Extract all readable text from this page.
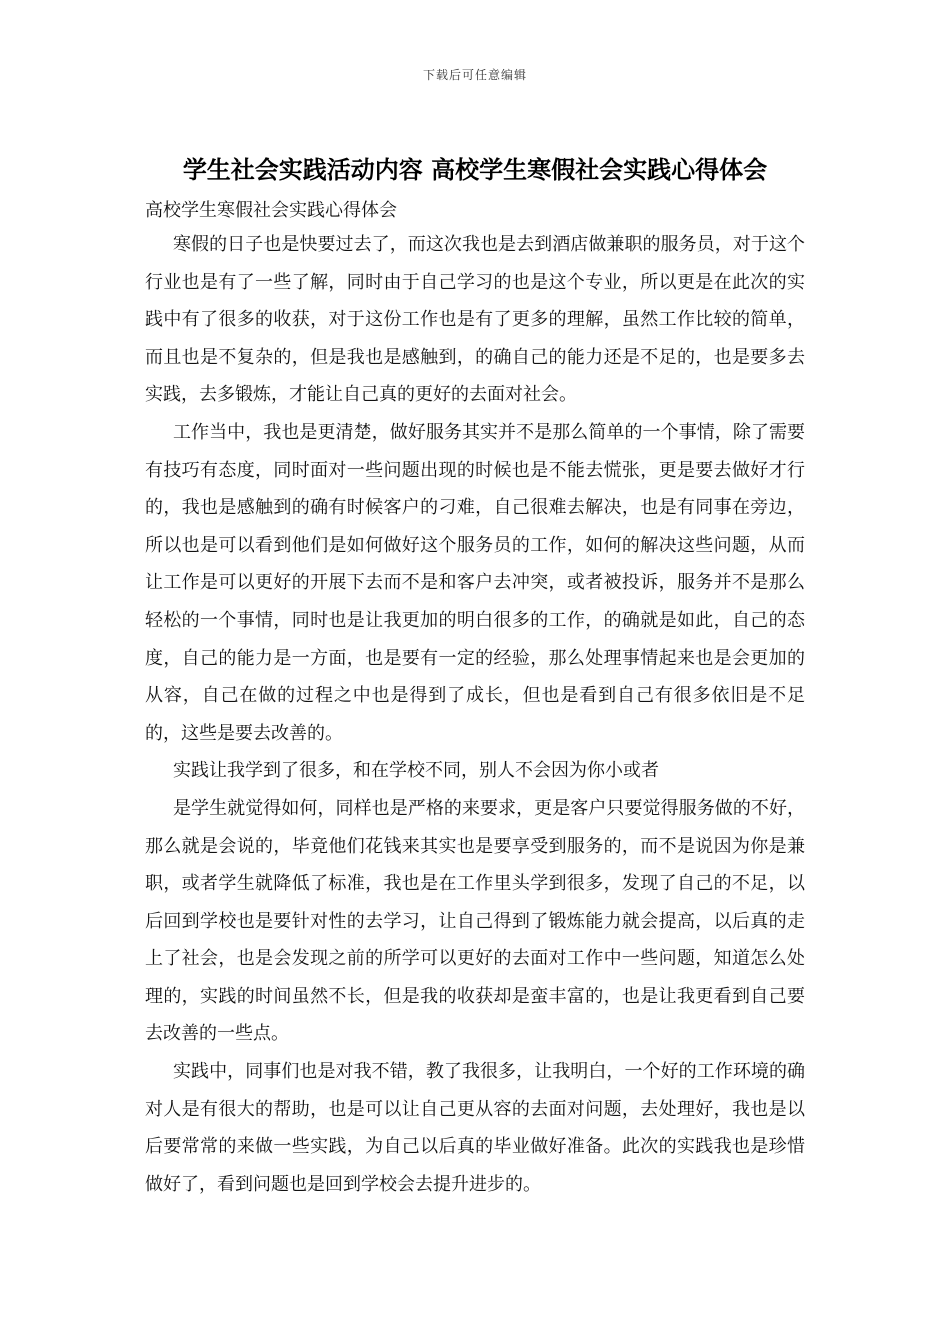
下载后可任意编辑
学生社会实践活动内容 高校学生寒假社会实践心得体会

高校学生寒假社会实践心得体会

寒假的日子也是快要过去了，而这次我也是去到酒店做兼职的服务员，对于这个行业也是有了一些了解，同时由于自己学习的也是这个专业，所以更是在此次的实践中有了很多的收获，对于这份工作也是有了更多的理解，虽然工作比较的简单，而且也是不复杂的，但是我也是感触到，的确自己的能力还是不足的，也是要多去实践，去多锻炼，才能让自己真的更好的去面对社会。

工作当中，我也是更清楚，做好服务其实并不是那么简单的一个事情，除了需要有技巧有态度，同时面对一些问题出现的时候也是不能去慌张，更是要去做好才行的，我也是感触到的确有时候客户的刁难，自己很难去解决，也是有同事在旁边，所以也是可以看到他们是如何做好这个服务员的工作，如何的解决这些问题，从而让工作是可以更好的开展下去而不是和客户去冲突，或者被投诉，服务并不是那么轻松的一个事情，同时也是让我更加的明白很多的工作，的确就是如此，自己的态度，自己的能力是一方面，也是要有一定的经验，那么处理事情起来也是会更加的从容，自己在做的过程之中也是得到了成长，但也是看到自己有很多依旧是不足的，这些是要去改善的。

实践让我学到了很多，和在学校不同，别人不会因为你小或者

是学生就觉得如何，同样也是严格的来要求，更是客户只要觉得服务做的不好，那么就是会说的，毕竟他们花钱来其实也是要享受到服务的，而不是说因为你是兼职，或者学生就降低了标准，我也是在工作里头学到很多，发现了自己的不足，以后回到学校也是要针对性的去学习，让自己得到了锻炼能力就会提高，以后真的走上了社会，也是会发现之前的所学可以更好的去面对工作中一些问题，知道怎么处理的，实践的时间虽然不长，但是我的收获却是蛮丰富的，也是让我更看到自己要去改善的一些点。

实践中，同事们也是对我不错，教了我很多，让我明白，一个好的工作环境的确对人是有很大的帮助，也是可以让自己更从容的去面对问题，去处理好，我也是以后要常常的来做一些实践，为自己以后真的毕业做好准备。此次的实践我也是珍惜做好了，看到问题也是回到学校会去提升进步的。
